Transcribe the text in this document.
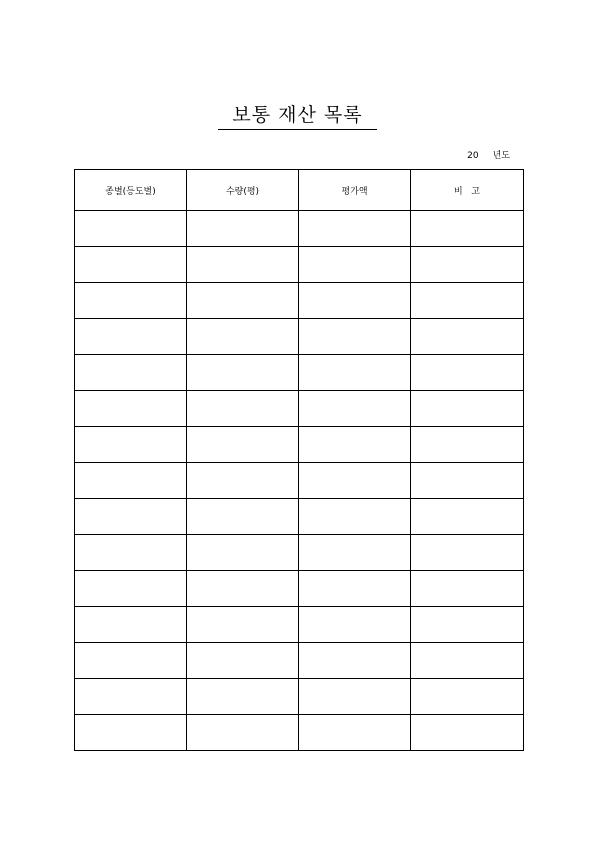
보통 재산 목록
20 년도
종별(등도별)	수량(평)	평가액	비   고
